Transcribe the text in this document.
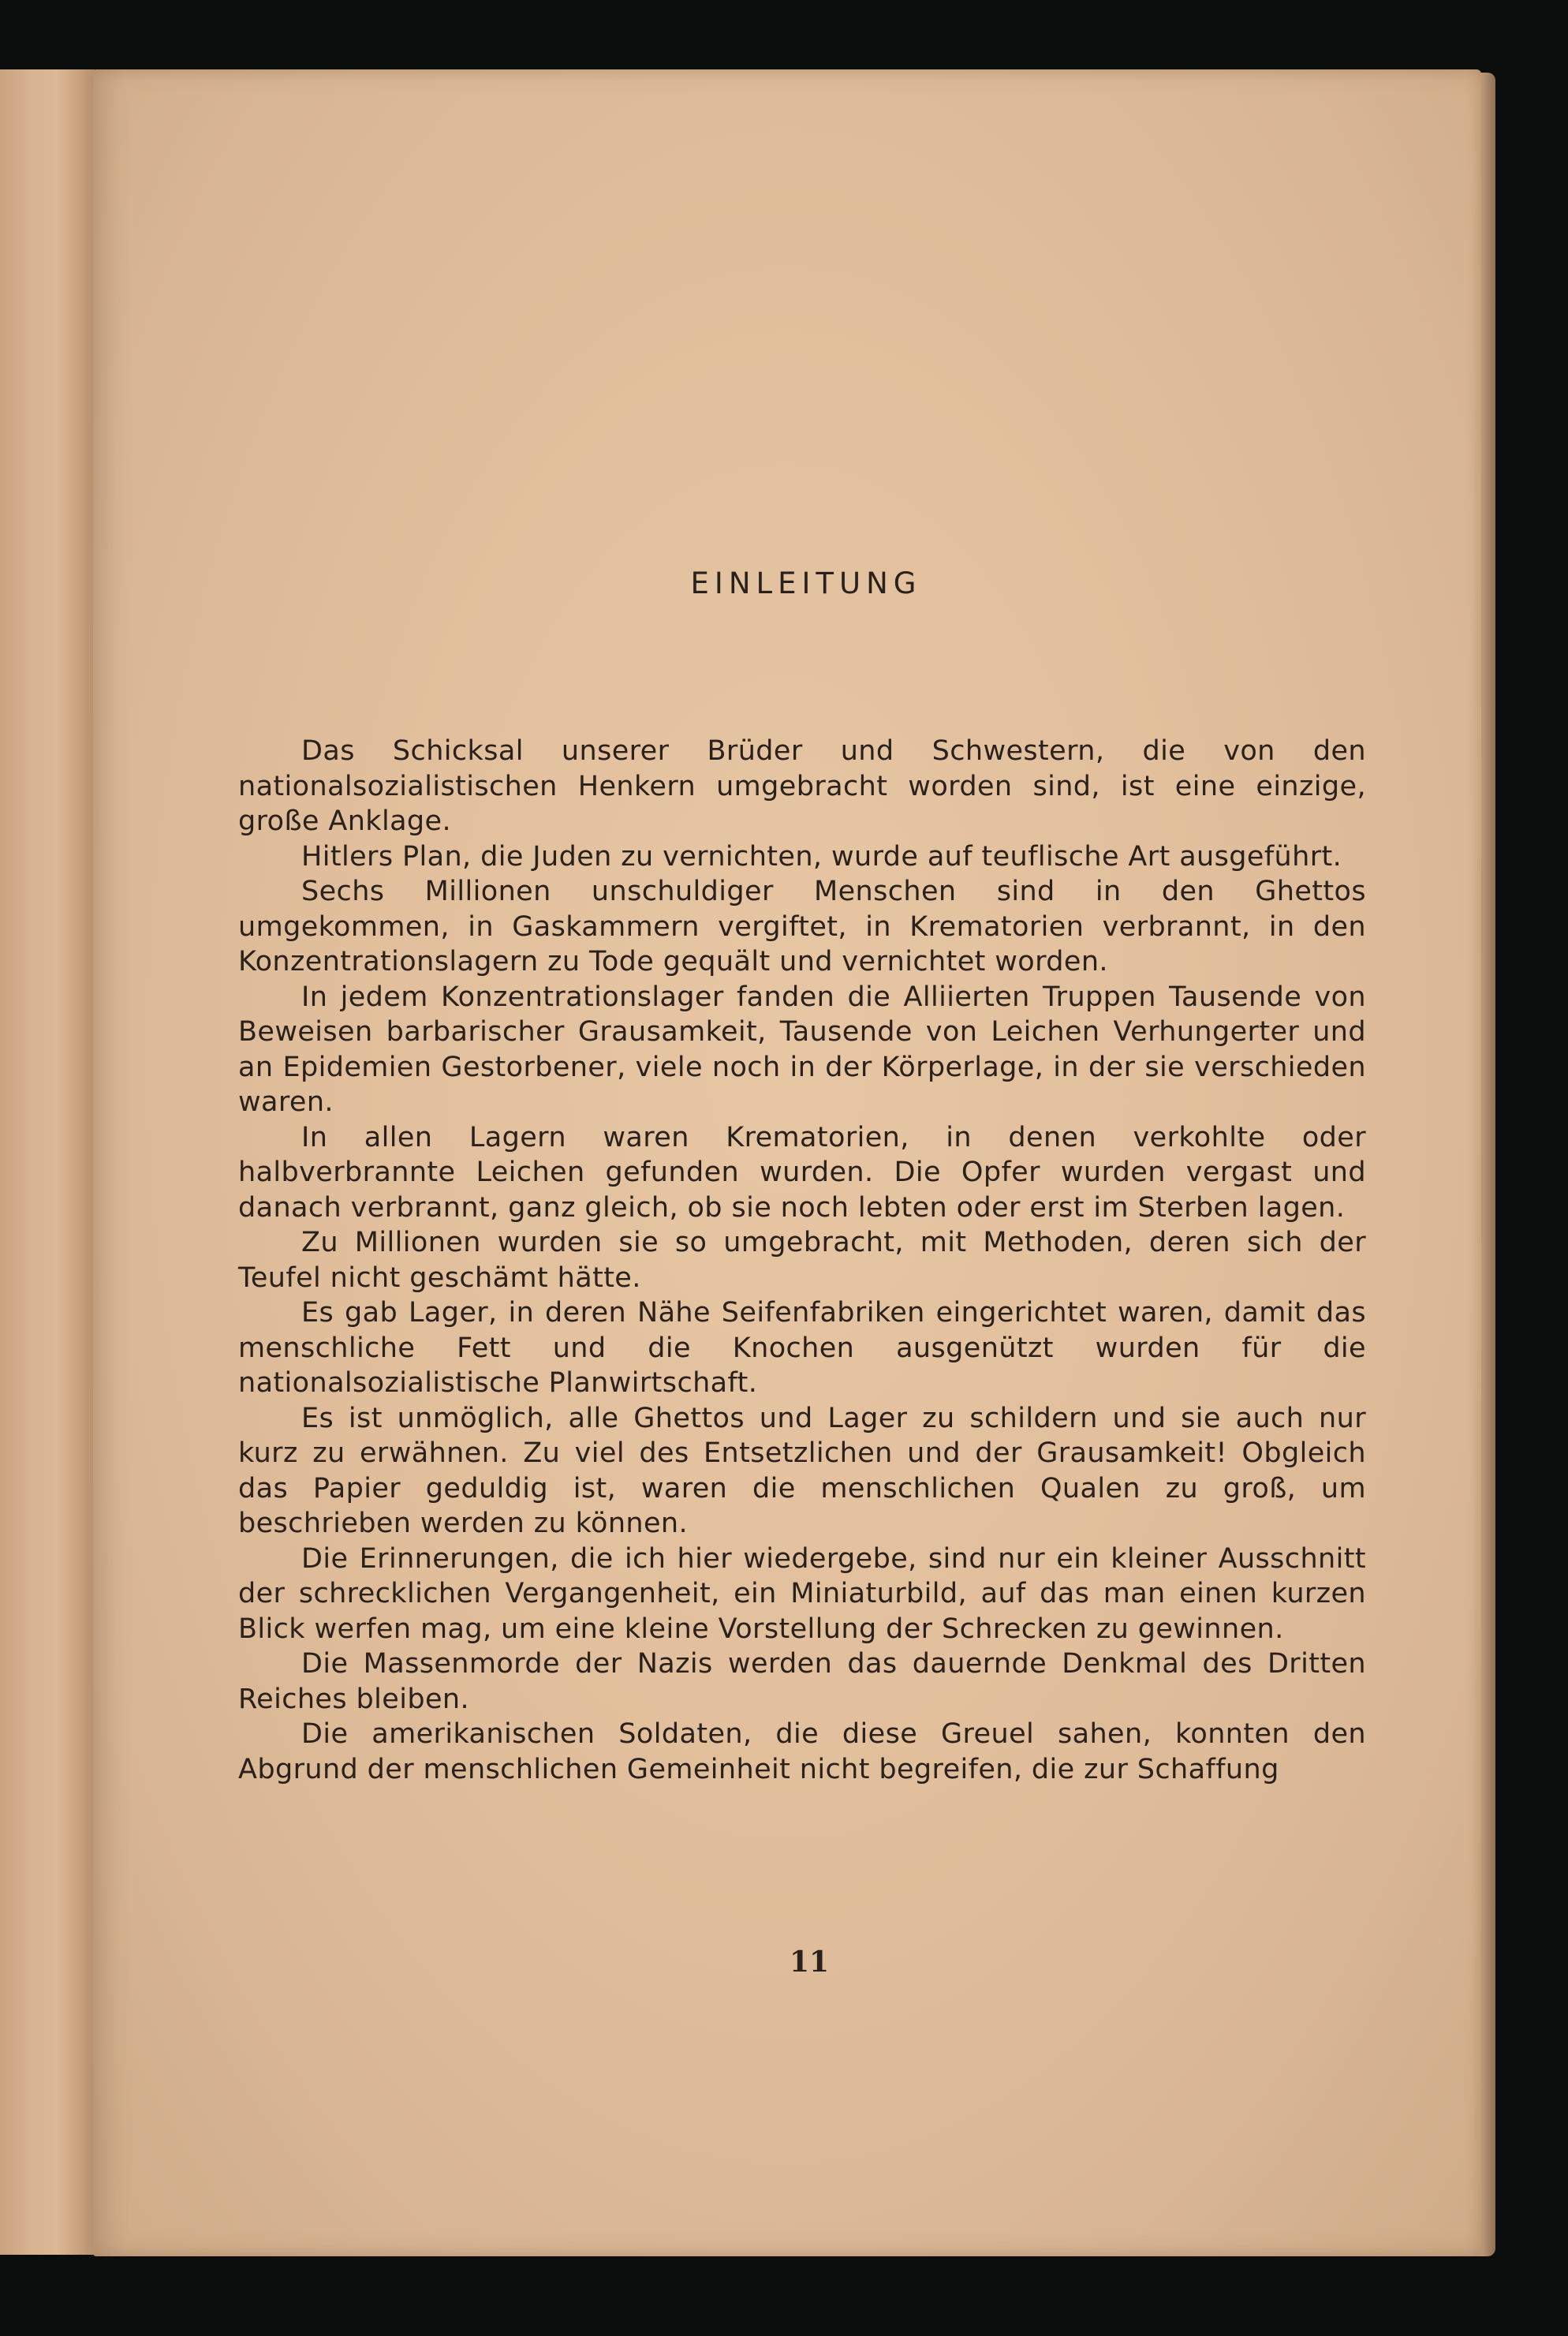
EINLEITUNG

Das Schicksal unserer Brüder und Schwestern, die von den nationalsozialistischen Henkern umgebracht worden sind, ist eine einzige, große Anklage.

Hitlers Plan, die Juden zu vernichten, wurde auf teuflische Art ausgeführt.

Sechs Millionen unschuldiger Menschen sind in den Ghettos umgekommen, in Gaskammern vergiftet, in Krematorien verbrannt, in den Konzentrationslagern zu Tode gequält und vernichtet worden.

In jedem Konzentrationslager fanden die Alliierten Truppen Tausende von Beweisen barbarischer Grausamkeit, Tausende von Leichen Verhungerter und an Epidemien Gestorbener, viele noch in der Körperlage, in der sie verschieden waren.

In allen Lagern waren Krematorien, in denen verkohlte oder halbverbrannte Leichen gefunden wurden. Die Opfer wurden vergast und danach verbrannt, ganz gleich, ob sie noch lebten oder erst im Sterben lagen.

Zu Millionen wurden sie so umgebracht, mit Methoden, deren sich der Teufel nicht geschämt hätte.

Es gab Lager, in deren Nähe Seifenfabriken eingerichtet waren, damit das menschliche Fett und die Knochen ausgenützt wurden für die nationalsozialistische Planwirtschaft.

Es ist unmöglich, alle Ghettos und Lager zu schildern und sie auch nur kurz zu erwähnen. Zu viel des Entsetzlichen und der Grausamkeit! Obgleich das Papier geduldig ist, waren die menschlichen Qualen zu groß, um beschrieben werden zu können.

Die Erinnerungen, die ich hier wiedergebe, sind nur ein kleiner Ausschnitt der schrecklichen Vergangenheit, ein Miniaturbild, auf das man einen kurzen Blick werfen mag, um eine kleine Vorstellung der Schrecken zu gewinnen.

Die Massenmorde der Nazis werden das dauernde Denkmal des Dritten Reiches bleiben.

Die amerikanischen Soldaten, die diese Greuel sahen, konnten den Abgrund der menschlichen Gemeinheit nicht begreifen, die zur Schaffung

11
